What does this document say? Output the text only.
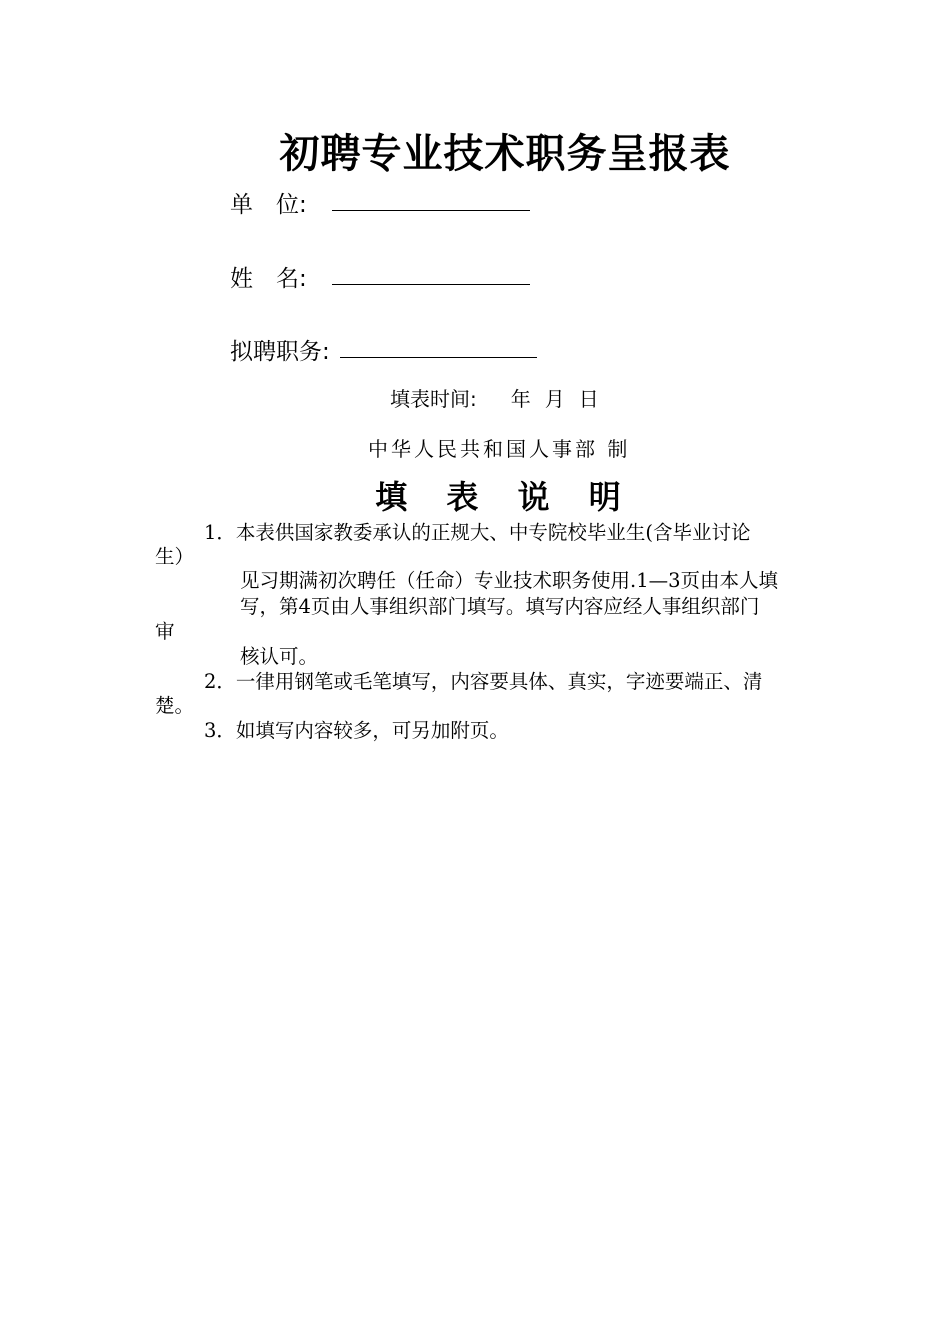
初聘专业技术职务呈报表
单　位:
姓　名:
拟聘职务:
填表时间: 年 月 日
中华人民共和国人事部 制
填 表 说 明
1．本表供国家教委承认的正规大、中专院校毕业生(含毕业讨论
生）
见习期满初次聘任（任命）专业技术职务使用.1—3页由本人填
写，第4页由人事组织部门填写。填写内容应经人事组织部门
审
核认可。
2．一律用钢笔或毛笔填写，内容要具体、真实，字迹要端正、清
楚。
3．如填写内容较多，可另加附页。
